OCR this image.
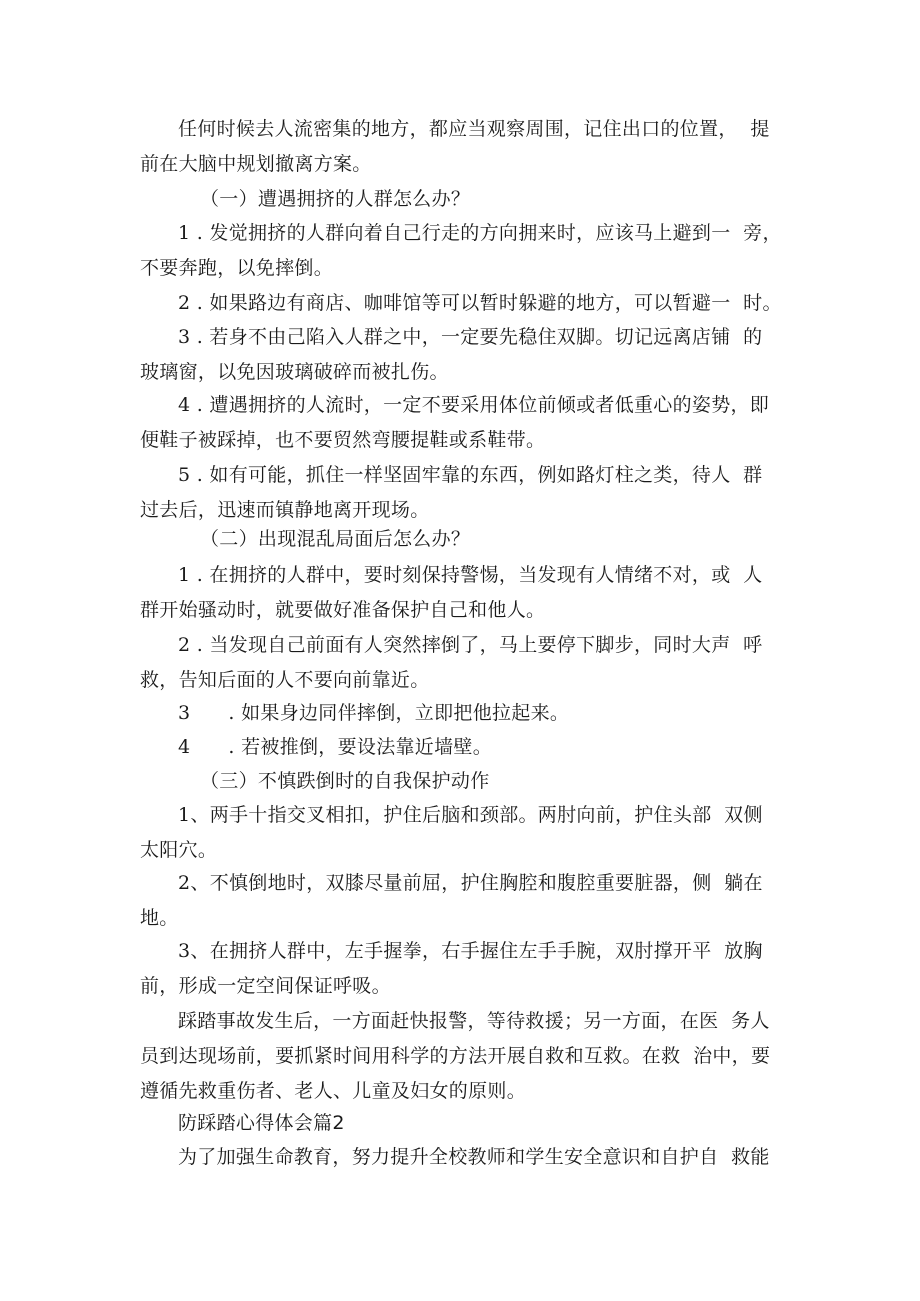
任何时候去人流密集的地方，都应当观察周围，记住出口的位置，  提
前在大脑中规划撤离方案。
（一）遭遇拥挤的人群怎么办？
1 . 发觉拥挤的人群向着自己行走的方向拥来时，应该马上避到一  旁，
不要奔跑，以免摔倒。
2 . 如果路边有商店、咖啡馆等可以暂时躲避的地方，可以暂避一  时。
3 . 若身不由己陷入人群之中，一定要先稳住双脚。切记远离店铺  的
玻璃窗，以免因玻璃破碎而被扎伤。
4 . 遭遇拥挤的人流时，一定不要采用体位前倾或者低重心的姿势，即
便鞋子被踩掉，也不要贸然弯腰提鞋或系鞋带。
5 . 如有可能，抓住一样坚固牢靠的东西，例如路灯柱之类，待人  群
过去后，迅速而镇静地离开现场。
（二）出现混乱局面后怎么办？
1 . 在拥挤的人群中，要时刻保持警惕，当发现有人情绪不对，或  人
群开始骚动时，就要做好准备保护自己和他人。
2 . 当发现自己前面有人突然摔倒了，马上要停下脚步，同时大声  呼
救，告知后面的人不要向前靠近。
3      . 如果身边同伴摔倒，立即把他拉起来。
4      . 若被推倒，要设法靠近墙壁。
（三）不慎跌倒时的自我保护动作
1、两手十指交叉相扣，护住后脑和颈部。两肘向前，护住头部  双侧
太阳穴。
2、不慎倒地时，双膝尽量前屈，护住胸腔和腹腔重要脏器，侧  躺在
地。
3、在拥挤人群中，左手握拳，右手握住左手手腕，双肘撑开平  放胸
前，形成一定空间保证呼吸。
踩踏事故发生后，一方面赶快报警，等待救援；另一方面，在医  务人
员到达现场前，要抓紧时间用科学的方法开展自救和互救。在救  治中，要
遵循先救重伤者、老人、儿童及妇女的原则。
防踩踏心得体会篇2
为了加强生命教育，努力提升全校教师和学生安全意识和自护自  救能
